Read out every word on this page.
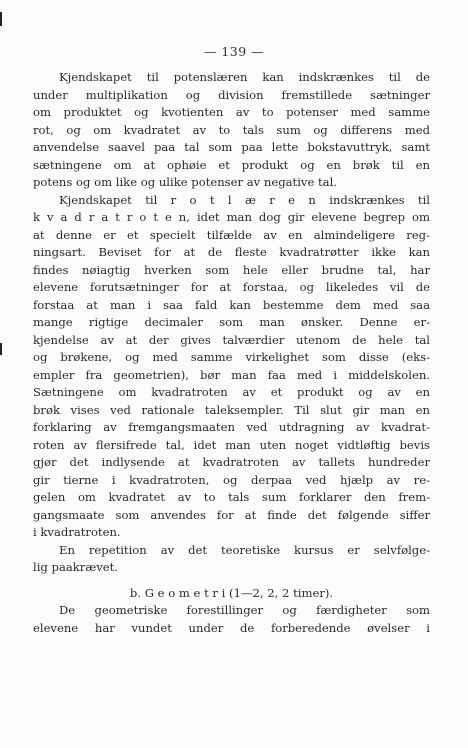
— 139 —
Kjendskapet til potenslæren kan indskrænkes til de
under multiplikation og division fremstillede sætninger
om produktet og kvotienten av to potenser med samme
rot, og om kvadratet av to tals sum og differens med
anvendelse saavel paa tal som paa lette bokstavuttryk, samt
sætningene om at ophøie et produkt og en brøk til en
potens og om like og ulike potenser av negative tal.
Kjendskapet til r o t l æ r e n indskrænkes til
k v a d r a t r o t e n, idet man dog gir elevene begrep om
at denne er et specielt tilfælde av en almindeligere reg-
ningsart. Beviset for at de fleste kvadratrøtter ikke kan
findes nøiagtig hverken som hele eller brudne tal, har
elevene forutsætninger for at forstaa, og likeledes vil de
forstaa at man i saa fald kan bestemme dem med saa
mange rigtige decimaler som man ønsker. Denne er-
kjendelse av at der gives talværdier utenom de hele tal
og brøkene, og med samme virkelighet som disse (eks-
empler fra geometrien), bør man faa med i middelskolen.
Sætningene om kvadratroten av et produkt og av en
brøk vises ved rationale taleksempler. Til slut gir man en
forklaring av fremgangsmaaten ved utdragning av kvadrat-
roten av flersifrede tal, idet man uten noget vidtløftig bevis
gjør det indlysende at kvadratroten av tallets hundreder
gir tierne i kvadratroten, og derpaa ved hjælp av re-
gelen om kvadratet av to tals sum forklarer den frem-
gangsmaate som anvendes for at finde det følgende siffer
i kvadratroten.
En repetition av det teoretiske kursus er selvfølge-
lig paakrævet.
b. G e o m e t r i (1—2, 2, 2 timer).
De geometriske forestillinger og færdigheter som
elevene har vundet under de forberedende øvelser i
